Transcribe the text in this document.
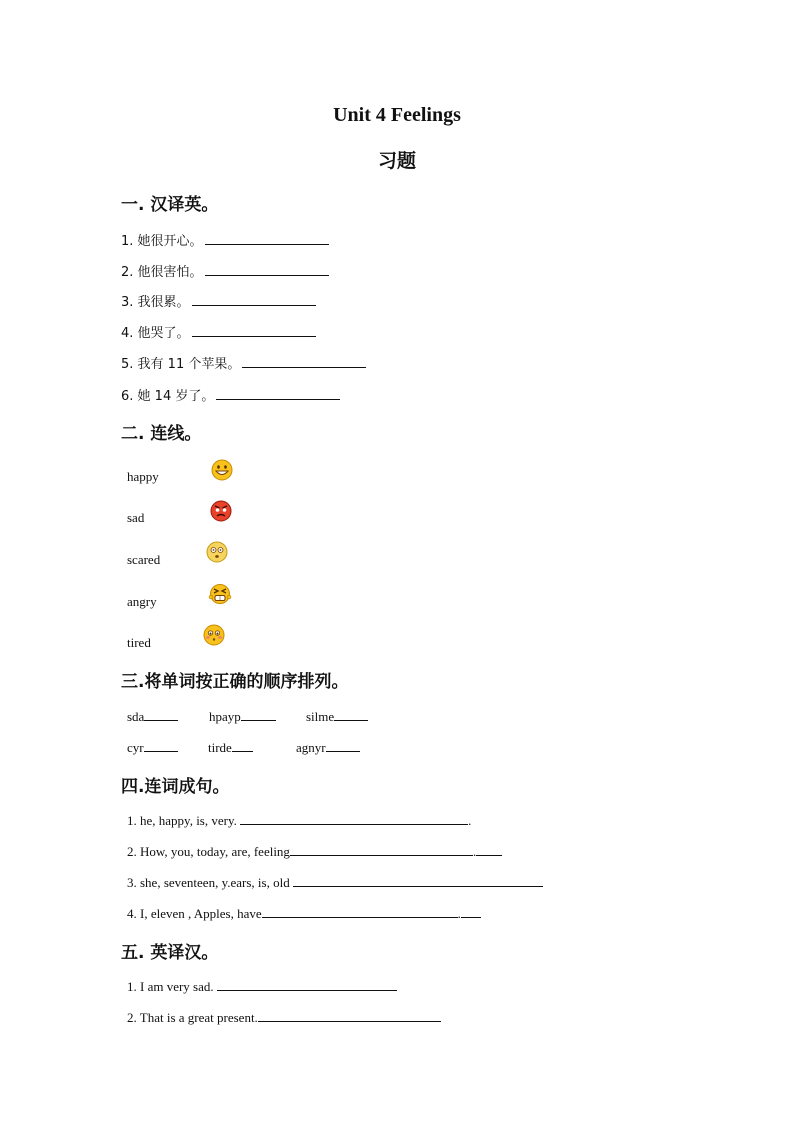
Unit 4 Feelings
习题
一. 汉译英。
1. 她很开心。
2. 他很害怕。
3. 我很累。
4. 他哭了。
5. 我有 11 个苹果。
6. 她 14 岁了。
二. 连线。
happy
sad
scared
angry
tired
三.将单词按正确的顺序排列。
sda	hpayp	silme
cyr	tirde	agnyr
四.连词成句。
1. he, happy, is, very.	.
2. How, you, today, are, feeling	.
3. she, seventeen, y.ears, is, old
4. I, eleven , Apples, have	.
五. 英译汉。
1. I am very sad.
2. That is a great present.
